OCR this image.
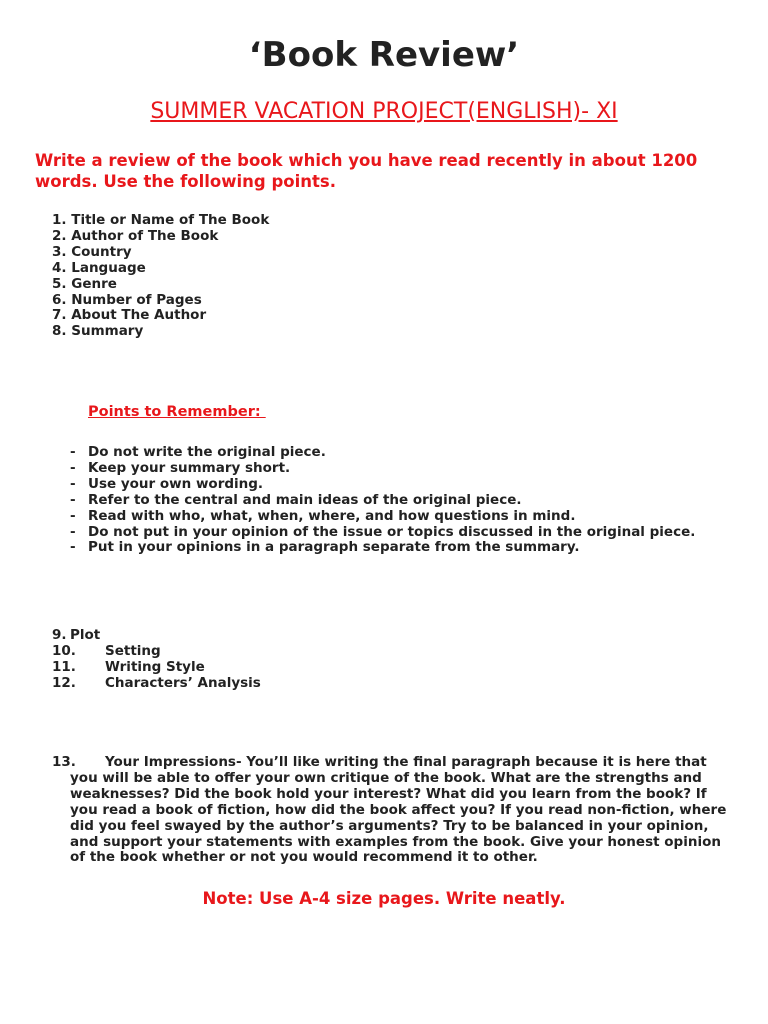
‘Book Review’
SUMMER VACATION PROJECT(ENGLISH)- XI
Write a review of the book which you have read recently in about 1200 words. Use the following points.
1. Title or Name of The Book
2. Author of The Book
3. Country
4. Language
5. Genre
6. Number of Pages
7. About The Author
8. Summary
Points to Remember:
- Do not write the original piece.
- Keep your summary short.
- Use your own wording.
- Refer to the central and main ideas of the original piece.
- Read with who, what, when, where, and how questions in mind.
- Do not put in your opinion of the issue or topics discussed in the original piece.
- Put in your opinions in a paragraph separate from the summary.
9. Plot
10. Setting
11. Writing Style
12. Characters’ Analysis
13. Your Impressions- You’ll like writing the final paragraph because it is here that
you will be able to offer your own critique of the book. What are the strengths and
weaknesses? Did the book hold your interest? What did you learn from the book? If
you read a book of fiction, how did the book affect you? If you read non-fiction, where
did you feel swayed by the author’s arguments? Try to be balanced in your opinion,
and support your statements with examples from the book. Give your honest opinion
of the book whether or not you would recommend it to other.
Note: Use A-4 size pages. Write neatly.
